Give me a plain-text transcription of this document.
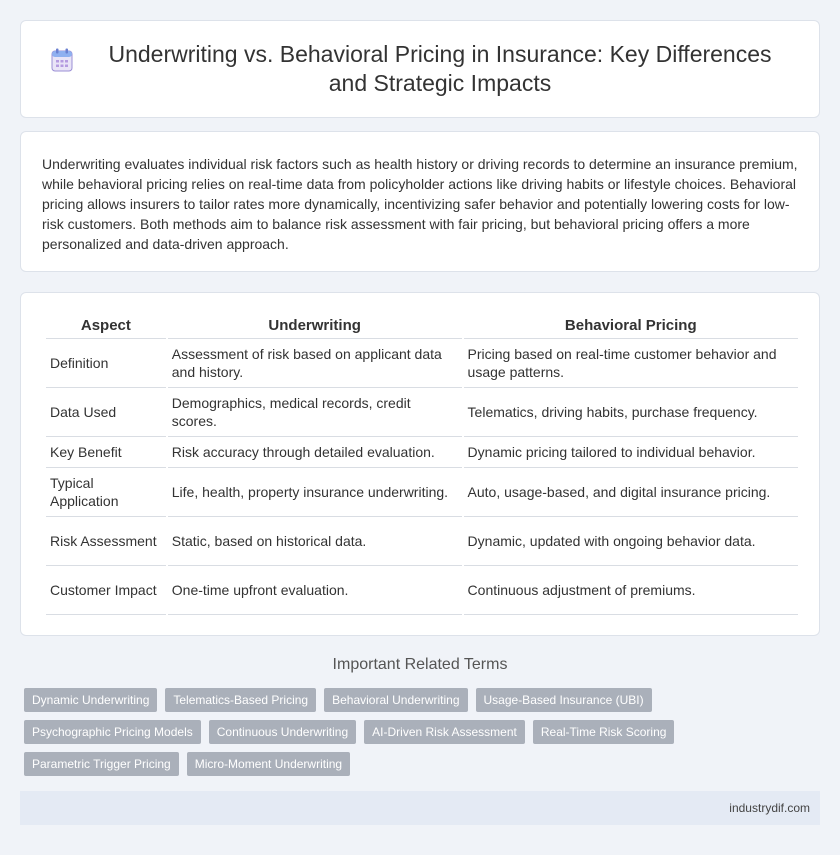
Underwriting vs. Behavioral Pricing in Insurance: Key Differences and Strategic Impacts

Underwriting evaluates individual risk factors such as health history or driving records to determine an insurance premium, while behavioral pricing relies on real-time data from policyholder actions like driving habits or lifestyle choices. Behavioral pricing allows insurers to tailor rates more dynamically, incentivizing safer behavior and potentially lowering costs for low-risk customers. Both methods aim to balance risk assessment with fair pricing, but behavioral pricing offers a more personalized and data-driven approach.

Aspect	Underwriting	Behavioral Pricing
Definition	Assessment of risk based on applicant data and history.	Pricing based on real-time customer behavior and usage patterns.
Data Used	Demographics, medical records, credit scores.	Telematics, driving habits, purchase frequency.
Key Benefit	Risk accuracy through detailed evaluation.	Dynamic pricing tailored to individual behavior.
Typical Application	Life, health, property insurance underwriting.	Auto, usage-based, and digital insurance pricing.
Risk Assessment	Static, based on historical data.	Dynamic, updated with ongoing behavior data.
Customer Impact	One-time upfront evaluation.	Continuous adjustment of premiums.
Important Related Terms
Dynamic Underwriting	Telematics-Based Pricing	Behavioral Underwriting	Usage-Based Insurance (UBI)
Psychographic Pricing Models	Continuous Underwriting	AI-Driven Risk Assessment	Real-Time Risk Scoring
Parametric Trigger Pricing	Micro-Moment Underwriting
industrydif.com
